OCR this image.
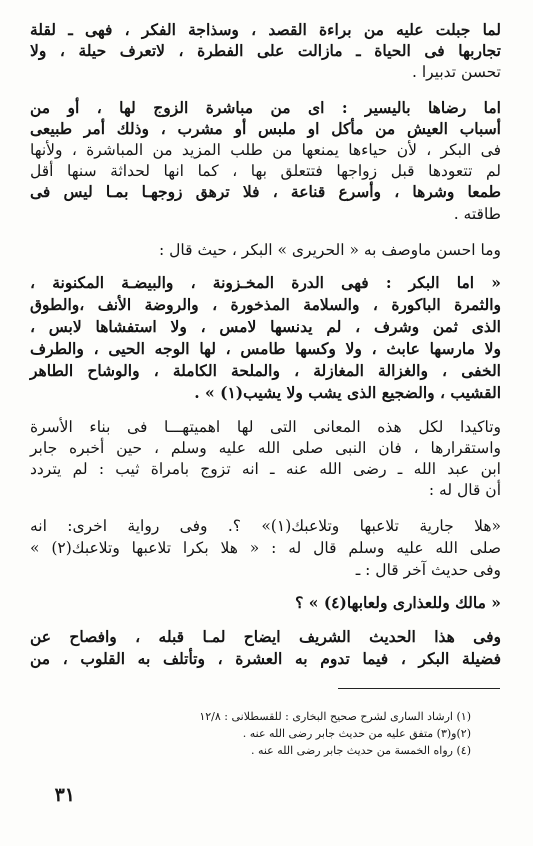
لما جبلت عليه من براءة القصد ، وسذاجة الفكر ، فهى ـ لقلة
تجاربها فى الحياة ـ مازالت على الفطرة ، لاتعرف حيلة ، ولا
تحسن تدبيرا .
اما رضاها باليسير : اى من مباشرة الزوج لها ، أو من
أسباب العيش من مأكل او ملبس أو مشرب ، وذلك أمر طبيعى
فى البكر ، لأن حياءها يمنعها من طلب المزيد من المباشرة ، ولأنها
لم تتعودها قبل زواجها فتتعلق بها ، كما انها لحداثة سنها أقل
طمعا وشرها ، وأسرع قناعة ، فلا ترهق زوجهـا بمـا ليس فى
طاقته .
وما احسن ماوصف به « الحريرى » البكر ، حيث قال :
« اما البكر : فهى الدرة المخـزونة ، والبيضـة المكنونة ،
والثمرة الباكورة ، والسلامة المذخورة ، والروضة الأنف ،والطوق
الذى ثمن وشرف ، لم يدنسها لامس ، ولا استفشاها لابس ،
ولا مارسها عابث ، ولا وكسها طامس ، لها الوجه الحيى ، والطرف
الخفى ، والغزالة المغازلة ، والملحة الكاملة ، والوشاح الطاهر
القشيب ، والضجيع الذى يشب ولا يشيب(١) » .
وتاكيدا لكل هذه المعانى التى لها اهميتهـــا فى بناء الأسرة
واستقرارها ، فان النبى صلى الله عليه وسلم ، حين أخبره جابر
ابن عبد الله ـ رضى الله عنه ـ انه تزوج بامراة ثيب : لم يتردد
أن قال له :
«هلا جارية تلاعبها وتلاعبك(١)» ؟. وفى رواية اخرى: انه
صلى الله عليه وسلم قال له : « هلا بكرا تلاعبها وتلاعبك(٢) »
وفى حديث آخر قال : ـ
« مالك وللعذارى ولعابها(٤) » ؟
وفى هذا الحديث الشريف ايضاح لمـا قبله ، وافصاح عن
فضيلة البكر ، فيما تدوم به العشرة ، وتأتلف به القلوب ، من
(١) ارشاد السارى لشرح صحيح البخارى : للقسطلانى : ١٢/٨
(٢)و(٣) متفق عليه من حديث جابر رضى الله عنه .
(٤) رواه الخمسة من حديث جابر رضى الله عنه .
٣١
